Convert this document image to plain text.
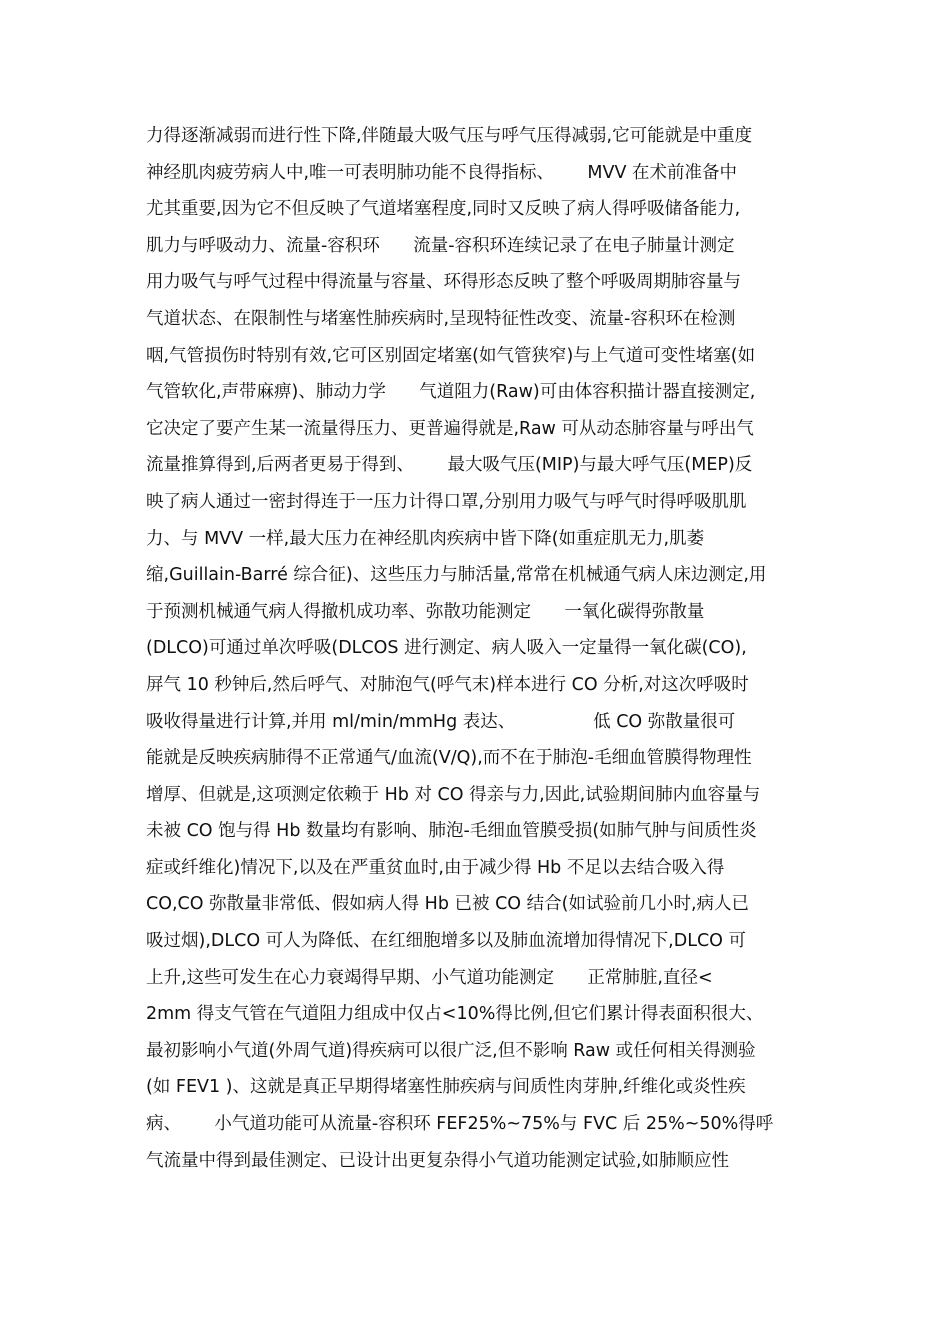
力得逐渐减弱而进行性下降,伴随最大吸气压与呼气压得减弱,它可能就是中重度
神经肌肉疲劳病人中,唯一可表明肺功能不良得指标、      MVV 在术前准备中
尤其重要,因为它不但反映了气道堵塞程度,同时又反映了病人得呼吸储备能力,
肌力与呼吸动力、流量-容积环      流量-容积环连续记录了在电子肺量计测定
用力吸气与呼气过程中得流量与容量、环得形态反映了整个呼吸周期肺容量与
气道状态、在限制性与堵塞性肺疾病时,呈现特征性改变、流量-容积环在检测
咽,气管损伤时特别有效,它可区别固定堵塞(如气管狭窄)与上气道可变性堵塞(如
气管软化,声带麻痹)、肺动力学      气道阻力(Raw)可由体容积描计器直接测定,
它决定了要产生某一流量得压力、更普遍得就是,Raw 可从动态肺容量与呼出气
流量推算得到,后两者更易于得到、      最大吸气压(MIP)与最大呼气压(MEP)反
映了病人通过一密封得连于一压力计得口罩,分别用力吸气与呼气时得呼吸肌肌
力、与 MVV 一样,最大压力在神经肌肉疾病中皆下降(如重症肌无力,肌萎
缩,Guillain-Barré 综合征)、这些压力与肺活量,常常在机械通气病人床边测定,用
于预测机械通气病人得撤机成功率、弥散功能测定      一氧化碳得弥散量
(DLCO)可通过单次呼吸(DLCOS 进行测定、病人吸入一定量得一氧化碳(CO),
屏气 10 秒钟后,然后呼气、对肺泡气(呼气末)样本进行 CO 分析,对这次呼吸时
吸收得量进行计算,并用 ml/min/mmHg 表达、              低 CO 弥散量很可
能就是反映疾病肺得不正常通气/血流(V/Q),而不在于肺泡-毛细血管膜得物理性
增厚、但就是,这项测定依赖于 Hb 对 CO 得亲与力,因此,试验期间肺内血容量与
未被 CO 饱与得 Hb 数量均有影响、肺泡-毛细血管膜受损(如肺气肿与间质性炎
症或纤维化)情况下,以及在严重贫血时,由于减少得 Hb 不足以去结合吸入得
CO,CO 弥散量非常低、假如病人得 Hb 已被 CO 结合(如试验前几小时,病人已
吸过烟),DLCO 可人为降低、在红细胞增多以及肺血流增加得情况下,DLCO 可
上升,这些可发生在心力衰竭得早期、小气道功能测定      正常肺脏,直径<
2mm 得支气管在气道阻力组成中仅占<10%得比例,但它们累计得表面积很大、
最初影响小气道(外周气道)得疾病可以很广泛,但不影响 Raw 或任何相关得测验
(如 FEV1 )、这就是真正早期得堵塞性肺疾病与间质性肉芽肿,纤维化或炎性疾
病、      小气道功能可从流量-容积环 FEF25%~75%与 FVC 后 25%~50%得呼
气流量中得到最佳测定、已设计出更复杂得小气道功能测定试验,如肺顺应性
